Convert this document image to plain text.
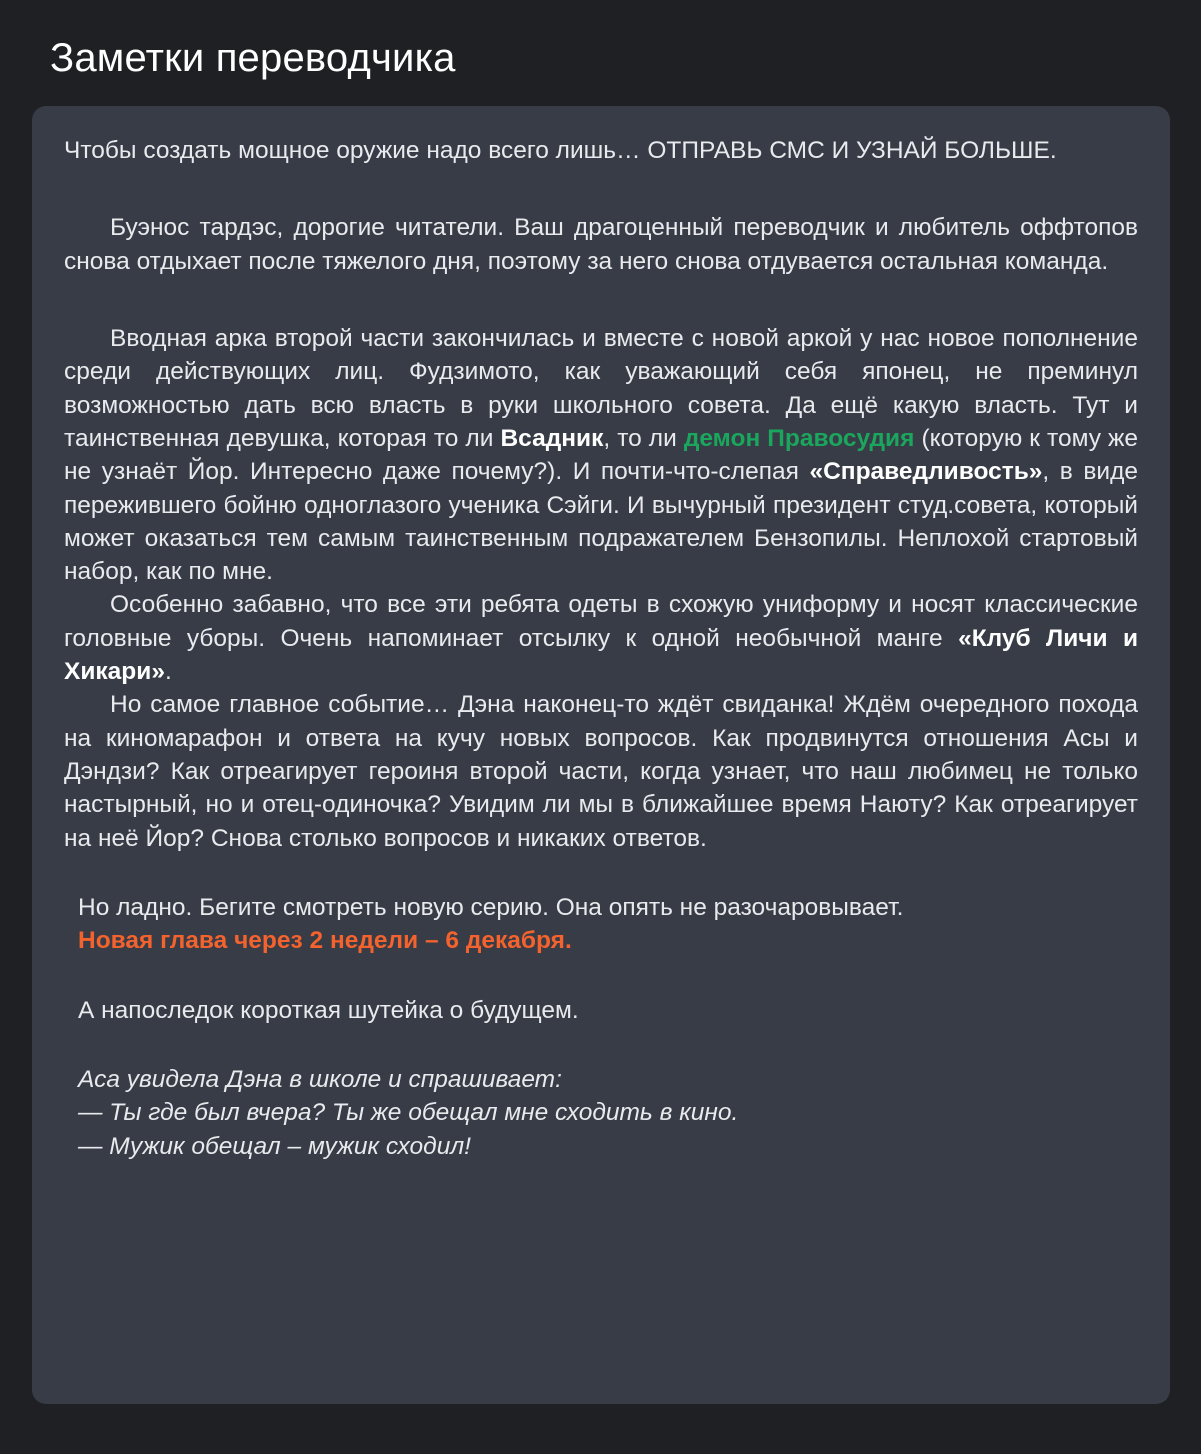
Заметки переводчика

Чтобы создать мощное оружие надо всего лишь… ОТПРАВЬ СМС И УЗНАЙ БОЛЬШЕ.

Буэнос тардэс, дорогие читатели. Ваш драгоценный переводчик и любитель оффтопов снова отдыхает после тяжелого дня, поэтому за него снова отдувается остальная команда.

Вводная арка второй части закончилась и вместе с новой аркой у нас новое пополнение среди действующих лиц. Фудзимото, как уважающий себя японец, не преминул возможностью дать всю власть в руки школьного совета. Да ещё какую власть. Тут и таинственная девушка, которая то ли Всадник, то ли демон Правосудия (которую к тому же не узнаёт Йор. Интересно даже почему?). И почти-что-слепая «Справедливость», в виде пережившего бойню одноглазого ученика Сэйги. И вычурный президент студ.совета, который может оказаться тем самым таинственным подражателем Бензопилы. Неплохой стартовый набор, как по мне.

Особенно забавно, что все эти ребята одеты в схожую униформу и носят классические головные уборы. Очень напоминает отсылку к одной необычной манге «Клуб Личи и Хикари».

Но самое главное событие… Дэна наконец-то ждёт свиданка! Ждём очередного похода на киномарафон и ответа на кучу новых вопросов. Как продвинутся отношения Асы и Дэндзи? Как отреагирует героиня второй части, когда узнает, что наш любимец не только настырный, но и отец-одиночка? Увидим ли мы в ближайшее время Наюту? Как отреагирует на неё Йор? Снова столько вопросов и никаких ответов.

Но ладно. Бегите смотреть новую серию. Она опять не разочаровывает.
Новая глава через 2 недели – 6 декабря.
А напоследок короткая шутейка о будущем.
Аса увидела Дэна в школе и спрашивает:
— Ты где был вчера? Ты же обещал мне сходить в кино.
— Мужик обещал – мужик сходил!
